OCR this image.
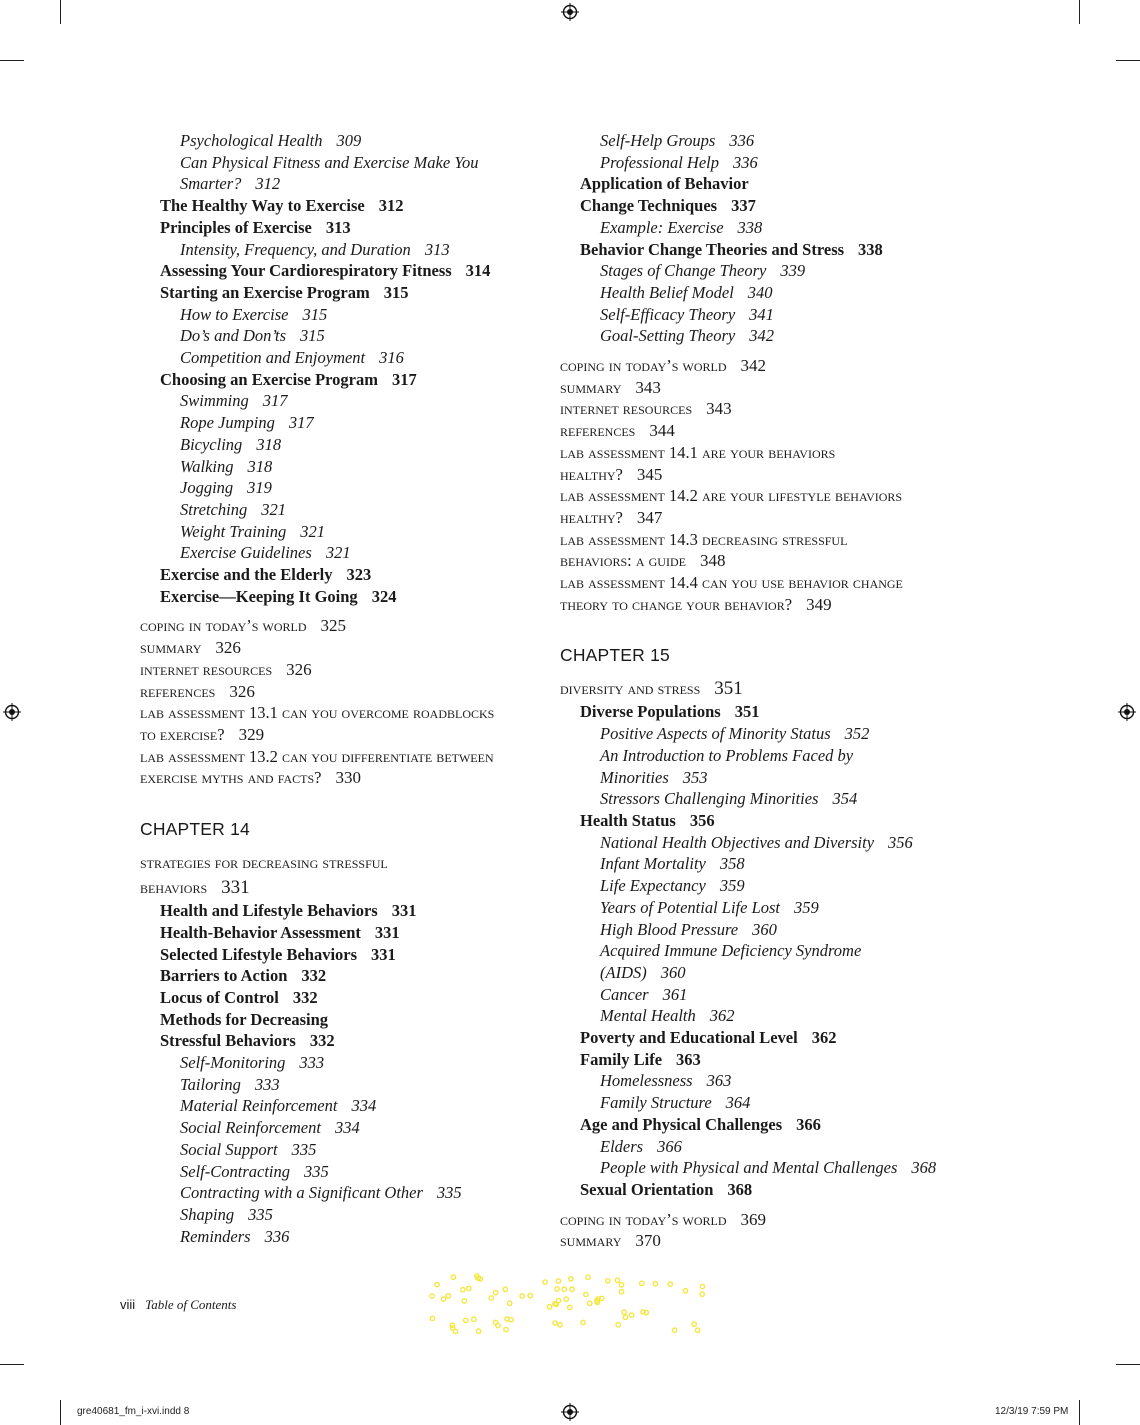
Psychological Health 309
Can Physical Fitness and Exercise Make You
Smarter? 312
The Healthy Way to Exercise 312
Principles of Exercise 313
Intensity, Frequency, and Duration 313
Assessing Your Cardiorespiratory Fitness 314
Starting an Exercise Program 315
How to Exercise 315
Do’s and Don’ts 315
Competition and Enjoyment 316
Choosing an Exercise Program 317
Swimming 317
Rope Jumping 317
Bicycling 318
Walking 318
Jogging 319
Stretching 321
Weight Training 321
Exercise Guidelines 321
Exercise and the Elderly 323
Exercise—Keeping It Going 324
coping in today’s world 325
summary 326
internet resources 326
references 326
lab assessment 13.1 can you overcome roadblocks
to exercise? 329
lab assessment 13.2 can you differentiate between
exercise myths and facts? 330
CHAPTER 14
strategies for decreasing stressful
behaviors 331
Health and Lifestyle Behaviors 331
Health-Behavior Assessment 331
Selected Lifestyle Behaviors 331
Barriers to Action 332
Locus of Control 332
Methods for Decreasing
Stressful Behaviors 332
Self-Monitoring 333
Tailoring 333
Material Reinforcement 334
Social Reinforcement 334
Social Support 335
Self-Contracting 335
Contracting with a Significant Other 335
Shaping 335
Reminders 336
Self-Help Groups 336
Professional Help 336
Application of Behavior
Change Techniques 337
Example: Exercise 338
Behavior Change Theories and Stress 338
Stages of Change Theory 339
Health Belief Model 340
Self-Efficacy Theory 341
Goal-Setting Theory 342
coping in today’s world 342
summary 343
internet resources 343
references 344
lab assessment 14.1 are your behaviors
healthy? 345
lab assessment 14.2 are your lifestyle behaviors
healthy? 347
lab assessment 14.3 decreasing stressful
behaviors: a guide 348
lab assessment 14.4 can you use behavior change
theory to change your behavior? 349
CHAPTER 15
diversity and stress 351
Diverse Populations 351
Positive Aspects of Minority Status 352
An Introduction to Problems Faced by
Minorities 353
Stressors Challenging Minorities 354
Health Status 356
National Health Objectives and Diversity 356
Infant Mortality 358
Life Expectancy 359
Years of Potential Life Lost 359
High Blood Pressure 360
Acquired Immune Deficiency Syndrome
(AIDS) 360
Cancer 361
Mental Health 362
Poverty and Educational Level 362
Family Life 363
Homelessness 363
Family Structure 364
Age and Physical Challenges 366
Elders 366
People with Physical and Mental Challenges 368
Sexual Orientation 368
coping in today’s world 369
summary 370
viii Table of Contents
gre40681_fm_i-xvi.indd 8	12/3/19 7:59 PM
